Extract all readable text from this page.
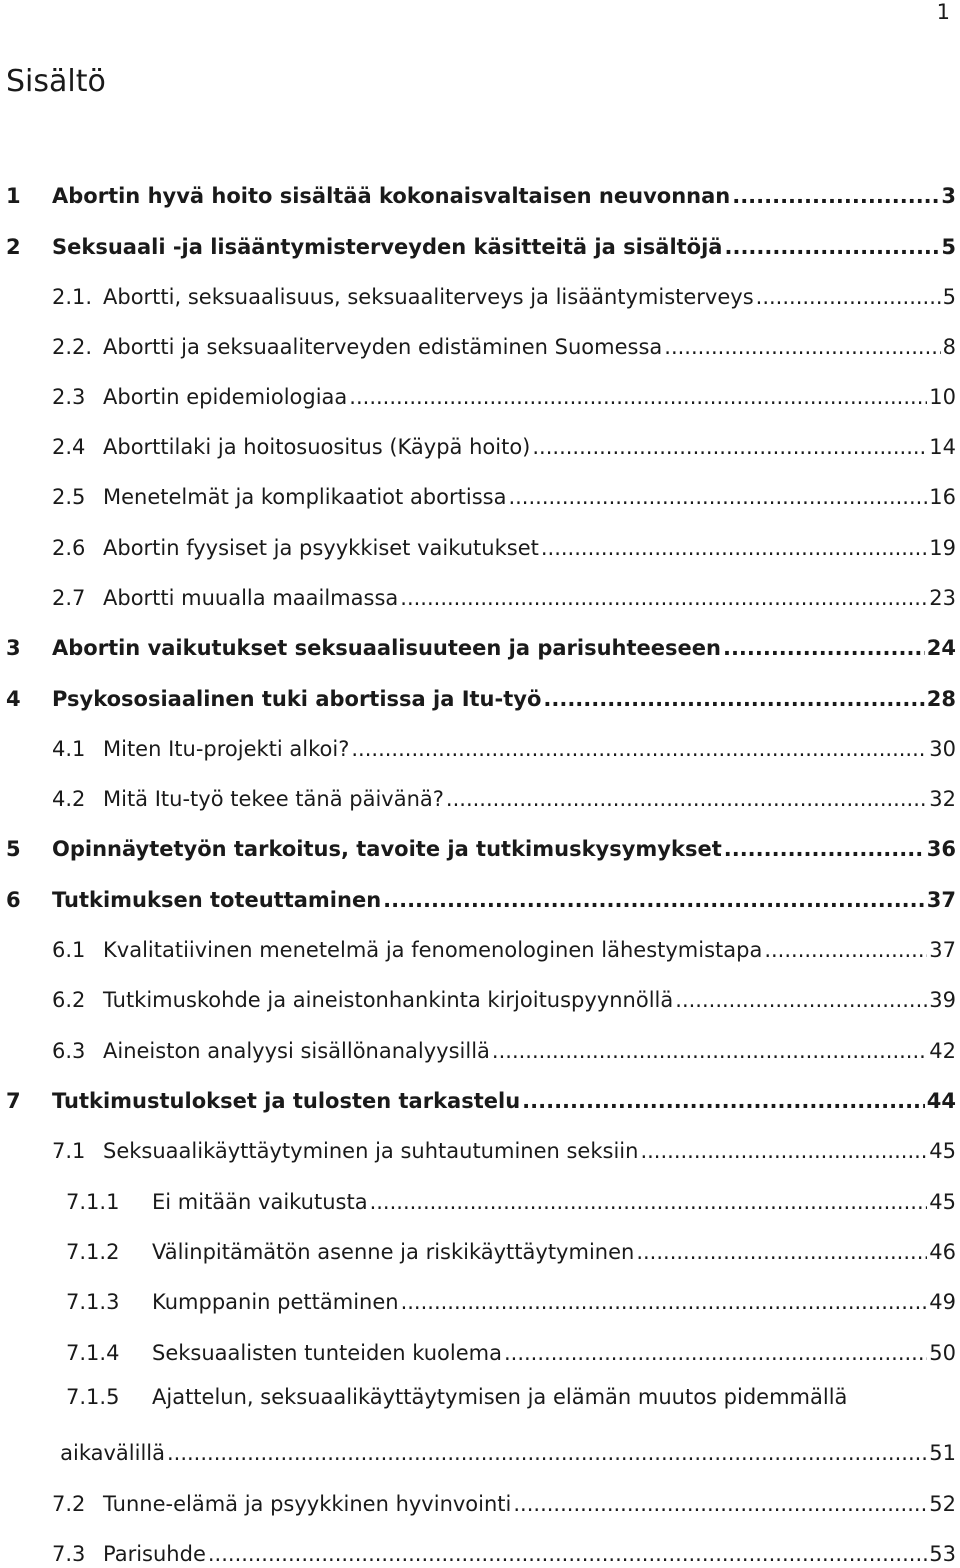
1
Sisältö
1	Abortin hyvä hoito sisältää kokonaisvaltaisen neuvonnan .....	3
2	Seksuaali -ja lisääntymisterveyden käsitteitä ja sisältöjä .....	5
2.1. Abortti, seksuaalisuus, seksuaaliterveys ja lisääntymisterveys .....	5
2.2. Abortti ja seksuaaliterveyden edistäminen Suomessa .....	8
2.3 Abortin epidemiologiaa .....	10
2.4 Aborttilaki ja hoitosuositus (Käypä hoito) .....	14
2.5 Menetelmät ja komplikaatiot abortissa .....	16
2.6 Abortin fyysiset ja psyykkiset vaikutukset .....	19
2.7 Abortti muualla maailmassa .....	23
3	Abortin vaikutukset seksuaalisuuteen ja parisuhteeseen .....	24
4	Psykososiaalinen tuki abortissa ja Itu-työ .....	28
4.1 Miten Itu-projekti alkoi? .....	30
4.2 Mitä Itu-työ tekee tänä päivänä? .....	32
5	Opinnäytetyön tarkoitus, tavoite ja tutkimuskysymykset .....	36
6	Tutkimuksen toteuttaminen .....	37
6.1 Kvalitatiivinen menetelmä ja fenomenologinen lähestymistapa .....	37
6.2 Tutkimuskohde ja aineistonhankinta kirjoituspyynnöllä .....	39
6.3 Aineiston analyysi sisällönanalyysillä .....	42
7	Tutkimustulokset ja tulosten tarkastelu .....	44
7.1 Seksuaalikäyttäytyminen ja suhtautuminen seksiin .....	45
7.1.1	Ei mitään vaikutusta .....	45
7.1.2	Välinpitämätön asenne ja riskikäyttäytyminen .....	46
7.1.3	Kumppanin pettäminen .....	49
7.1.4	Seksuaalisten tunteiden kuolema .....	50
7.1.5	Ajattelun, seksuaalikäyttäytymisen ja elämän muutos pidemmällä
aikavälillä .....	51
7.2 Tunne-elämä ja psyykkinen hyvinvointi .....	52
7.3 Parisuhde .....	53
